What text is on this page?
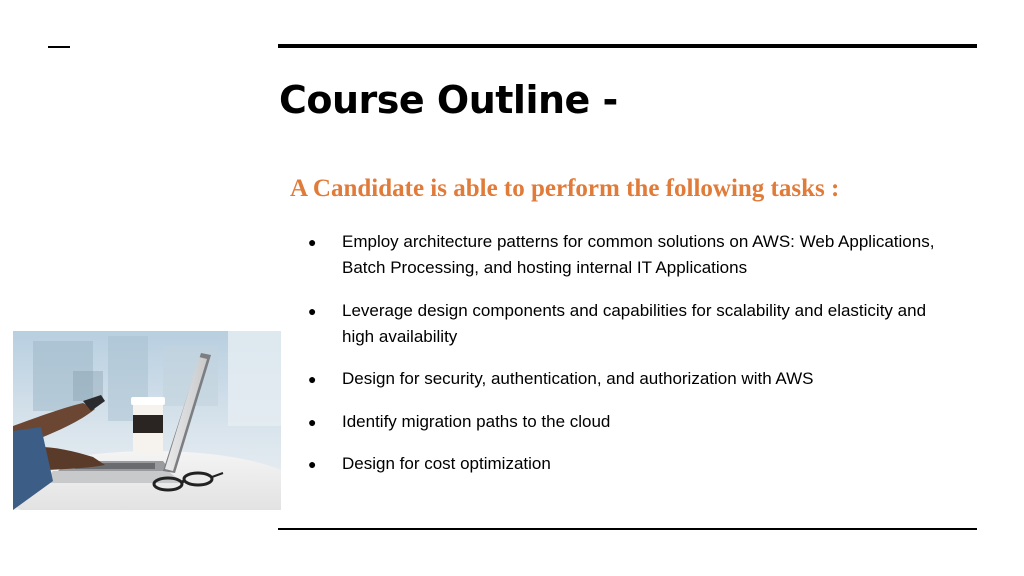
Course Outline -
A Candidate is able to perform the following tasks :
● Employ architecture patterns for common solutions on AWS: Web Applications, Batch Processing, and hosting internal IT Applications
● Leverage design components and capabilities for scalability and elasticity and high availability
● Design for security, authentication, and authorization with AWS
● Identify migration paths to the cloud
● Design for cost optimization
